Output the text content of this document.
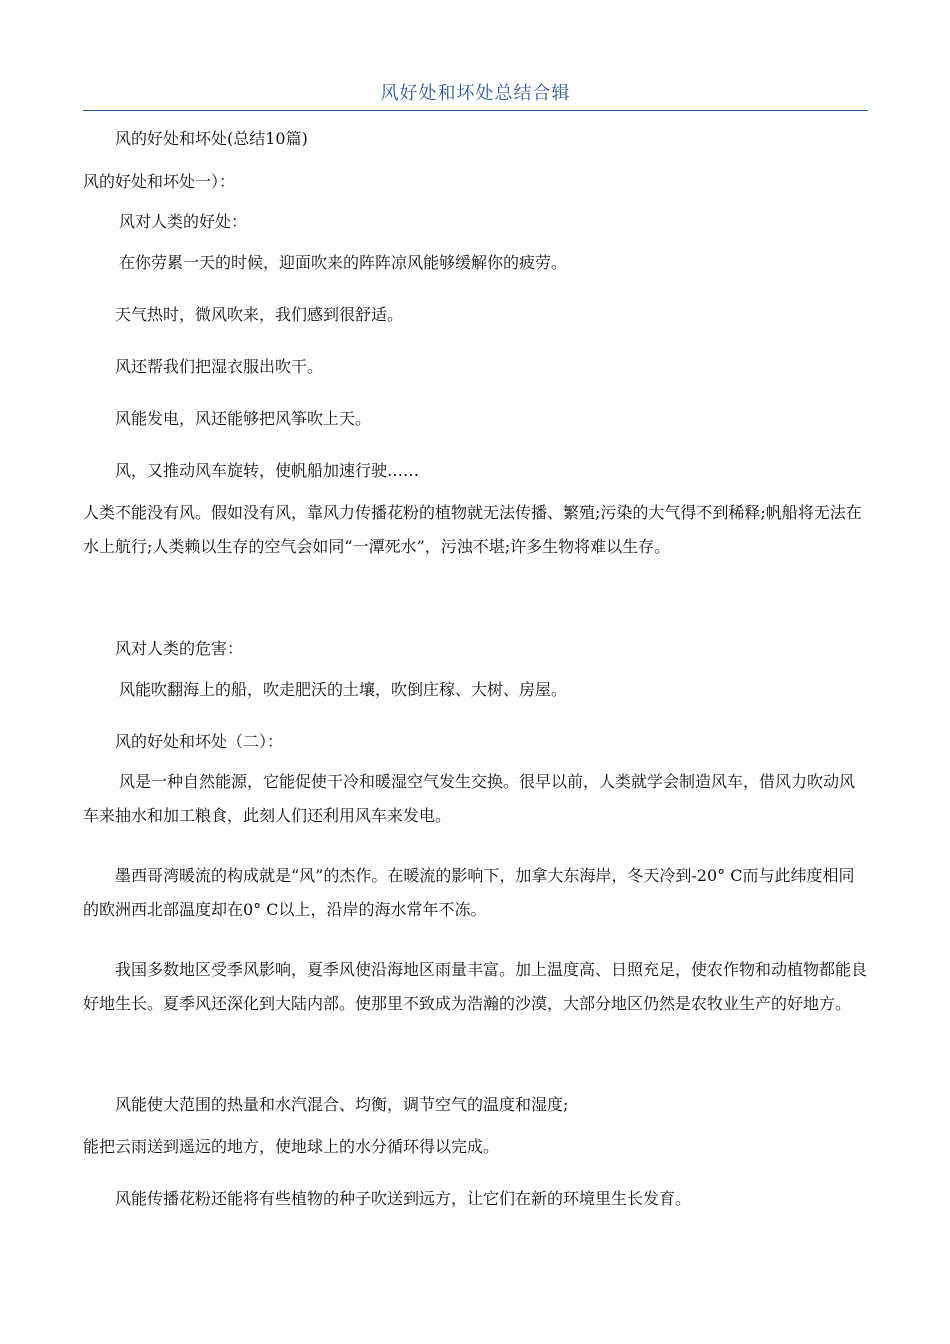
风好处和坏处总结合辑
风的好处和坏处(总结10篇)
风的好处和坏处一）：
风对人类的好处：
在你劳累一天的时候，迎面吹来的阵阵凉风能够缓解你的疲劳。
天气热时，微风吹来，我们感到很舒适。
风还帮我们把湿衣服出吹干。
风能发电，风还能够把风筝吹上天。
风，又推动风车旋转，使帆船加速行驶……
人类不能没有风。假如没有风，靠风力传播花粉的植物就无法传播、繁殖;污染的大气得不到稀释;帆船将无法在水上航行;人类赖以生存的空气会如同“一潭死水”，污浊不堪;许多生物将难以生存。
风对人类的危害：
风能吹翻海上的船，吹走肥沃的土壤，吹倒庄稼、大树、房屋。
风的好处和坏处（二）：
风是一种自然能源，它能促使干冷和暖湿空气发生交换。很早以前，人类就学会制造风车，借风力吹动风车来抽水和加工粮食，此刻人们还利用风车来发电。
墨西哥湾暖流的构成就是“风”的杰作。在暖流的影响下，加拿大东海岸，冬天冷到-20° C而与此纬度相同的欧洲西北部温度却在0° C以上，沿岸的海水常年不冻。
我国多数地区受季风影响，夏季风使沿海地区雨量丰富。加上温度高、日照充足，使农作物和动植物都能良好地生长。夏季风还深化到大陆内部。使那里不致成为浩瀚的沙漠，大部分地区仍然是农牧业生产的好地方。
风能使大范围的热量和水汽混合、均衡，调节空气的温度和湿度;
能把云雨送到遥远的地方，使地球上的水分循环得以完成。
风能传播花粉还能将有些植物的种子吹送到远方，让它们在新的环境里生长发育。
